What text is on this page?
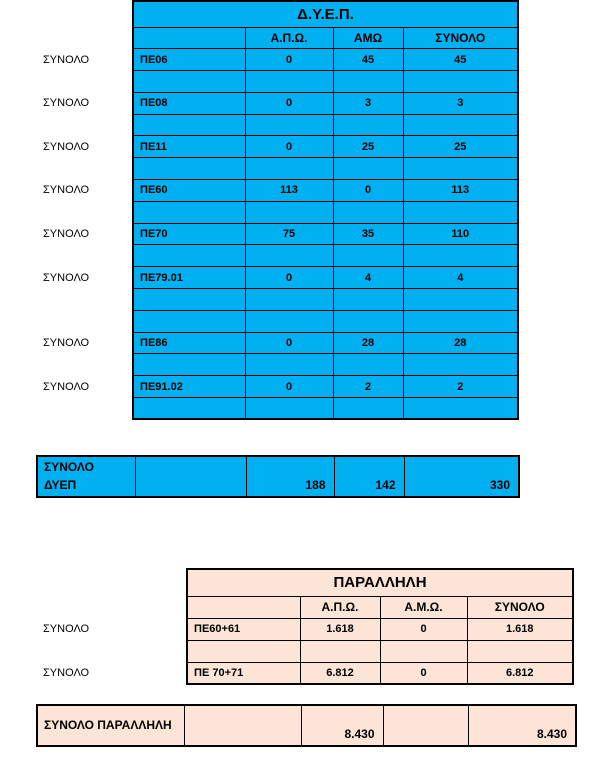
	Δ.Υ.Ε.Π.			
		Α.Π.Ω.	ΑΜΩ	ΣΥΝΟΛΟ
ΣΥΝΟΛΟ	ΠΕ06	0	45	45

ΣΥΝΟΛΟ	ΠΕ08	0	3	3

ΣΥΝΟΛΟ	ΠΕ11	0	25	25

ΣΥΝΟΛΟ	ΠΕ60	113	0	113

ΣΥΝΟΛΟ	ΠΕ70	75	35	110

ΣΥΝΟΛΟ	ΠΕ79.01	0	4	4

ΣΥΝΟΛΟ	ΠΕ86	0	28	28

ΣΥΝΟΛΟ	ΠΕ91.02	0	2	2

ΣΥΝΟΛΟ ΔΥΕΠ		188	142	330
	ΠΑΡΑΛΛΗΛΗ			
		Α.Π.Ω.	Α.Μ.Ω.	ΣΥΝΟΛΟ
ΣΥΝΟΛΟ	ΠΕ60+61	1.618	0	1.618

ΣΥΝΟΛΟ	ΠΕ 70+71	6.812	0	6.812
ΣΥΝΟΛΟ ΠΑΡΑΛΛΗΛΗ		8.430		8.430
